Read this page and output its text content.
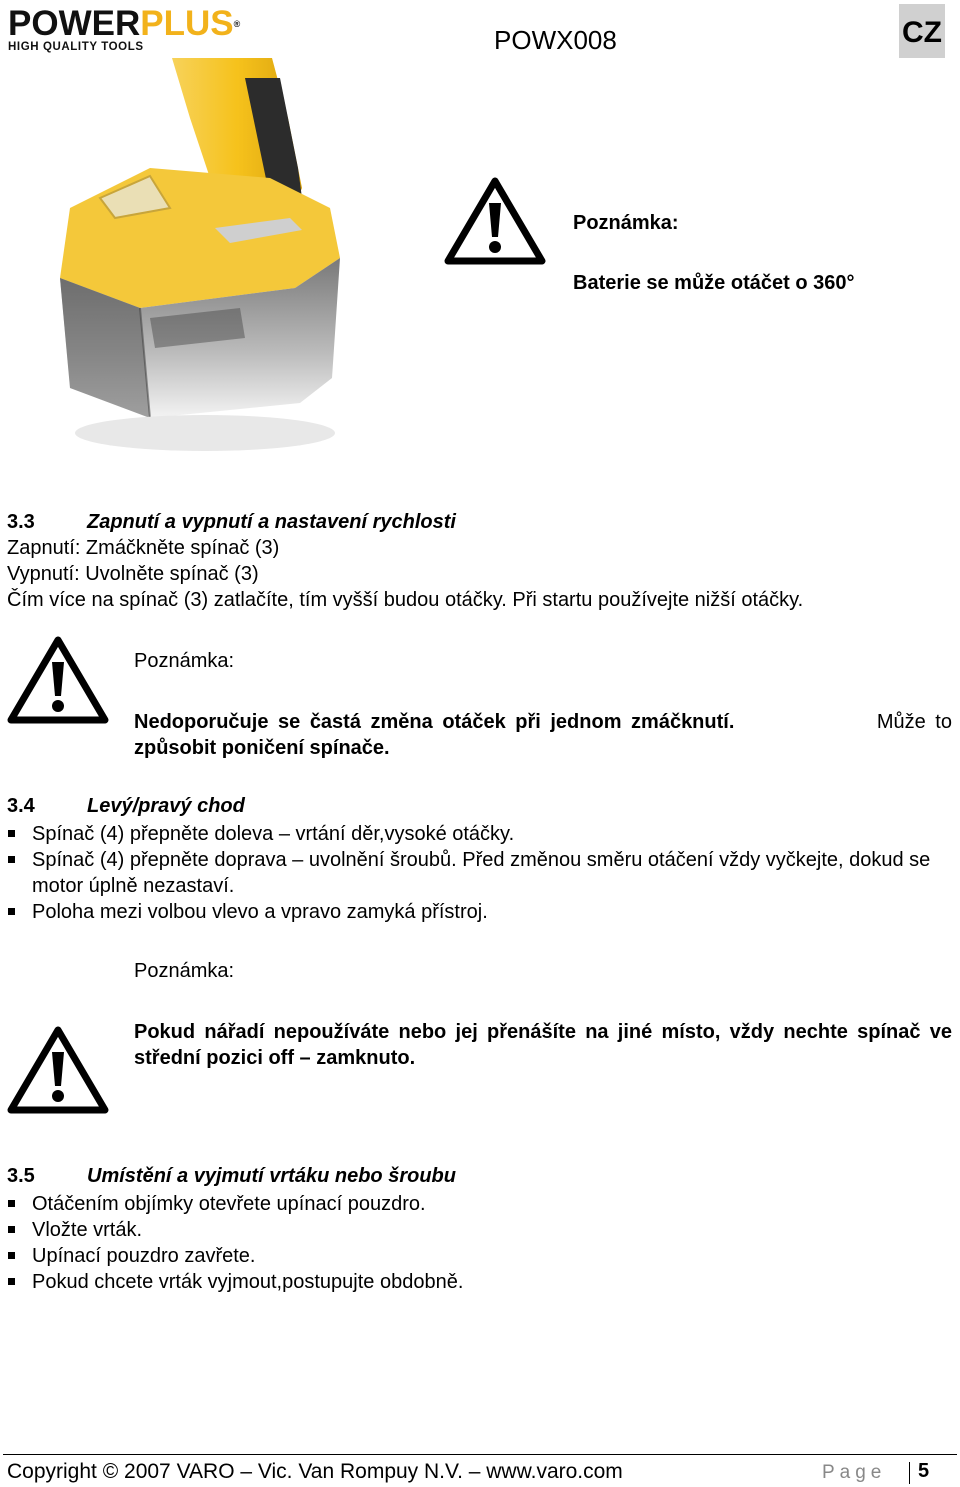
POWERPLUS®
HIGH QUALITY TOOLS	POWX008	CZ
Poznámka:
Baterie se může otáčet o 360°
3.3	Zapnutí a vypnutí a nastavení rychlosti
Zapnutí: Zmáčkněte spínač (3)
Vypnutí: Uvolněte spínač (3)
Čím více na spínač (3) zatlačíte, tím vyšší budou otáčky. Při startu používejte nižší otáčky.
Poznámka:
Nedoporučuje se častá změna otáček při jednom zmáčknutí.	Může to
způsobit poničení spínače.
3.4	Levý/pravý chod
Spínač (4) přepněte doleva – vrtání děr,vysoké otáčky.
Spínač (4) přepněte doprava – uvolnění šroubů. Před změnou směru otáčení vždy vyčkejte, dokud se motor úplně nezastaví.
Poloha mezi volbou vlevo a vpravo zamyká přístroj.
Poznámka:
Pokud nářadí nepoužíváte nebo jej přenášíte na jiné místo, vždy nechte spínač ve střední pozici off – zamknuto.
3.5	Umístění a vyjmutí vrtáku nebo šroubu
Otáčením objímky otevřete upínací pouzdro.
Vložte vrták.
Upínací pouzdro zavřete.
Pokud chcete vrták vyjmout,postupujte obdobně.
Copyright © 2007 VARO – Vic. Van Rompuy N.V. – www.varo.com	Page 5
